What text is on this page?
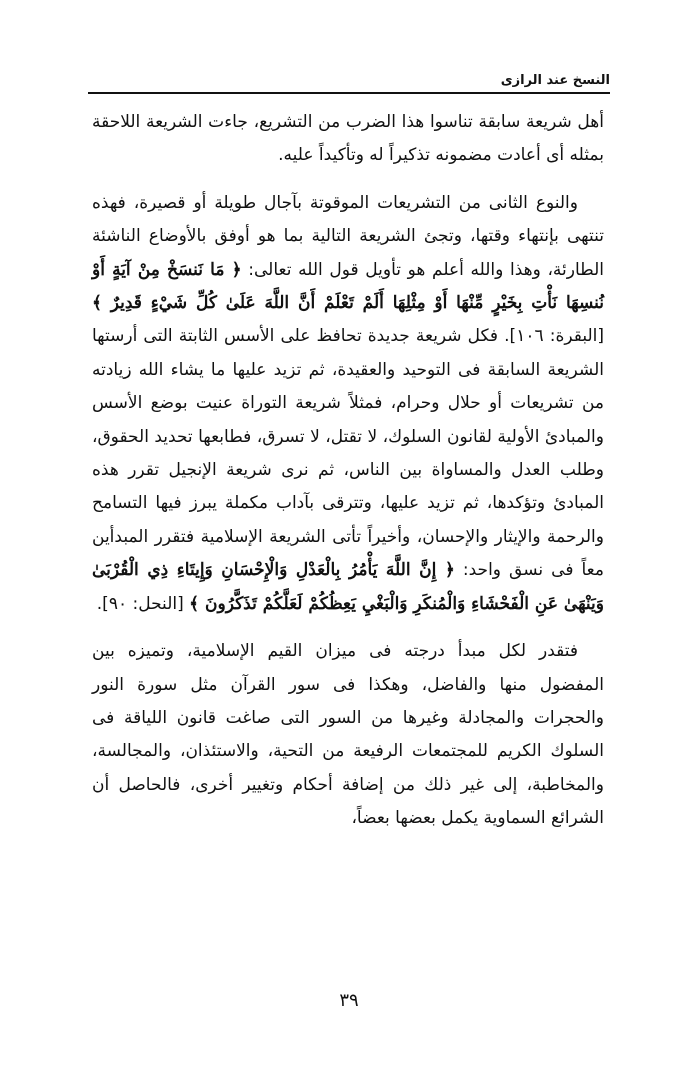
النسخ عند الرازى

أهل شريعة سابقة تناسوا هذا الضرب من التشريع، جاءت الشريعة اللاحقة بمثله أى أعادت مضمونه تذكيراً له وتأكيداً عليه.

والنوع الثانى من التشريعات الموقوتة بآجال طويلة أو قصيرة، فهذه تنتهى بإنتهاء وقتها، وتجئ الشريعة التالية بما هو أوفق بالأوضاع الناشئة الطارئة، وهذا والله أعلم هو تأويل قول الله تعالى: ﴿ مَا نَنسَخْ مِنْ آيَةٍ أَوْ نُنسِهَا نَأْتِ بِخَيْرٍ مِّنْهَا أَوْ مِثْلِهَا أَلَمْ تَعْلَمْ أَنَّ اللَّهَ عَلَىٰ كُلِّ شَيْءٍ قَدِيرٌ ﴾ [البقرة: ١٠٦]. فكل شريعة جديدة تحافظ على الأسس الثابتة التى أرستها الشريعة السابقة فى التوحيد والعقيدة، ثم تزيد عليها ما يشاء الله زيادته من تشريعات أو حلال وحرام، فمثلاً شريعة التوراة عنيت بوضع الأسس والمبادئ الأولية لقانون السلوك، لا تقتل، لا تسرق، فطابعها تحديد الحقوق، وطلب العدل والمساواة بين الناس، ثم نرى شريعة الإنجيل تقرر هذه المبادئ وتؤكدها، ثم تزيد عليها، وتترقى بآداب مكملة يبرز فيها التسامح والرحمة والإيثار والإحسان، وأخيراً تأتى الشريعة الإسلامية فتقرر المبدأين معاً فى نسق واحد: ﴿ إِنَّ اللَّهَ يَأْمُرُ بِالْعَدْلِ وَالْإِحْسَانِ وَإِيتَاءِ ذِي الْقُرْبَىٰ وَيَنْهَىٰ عَنِ الْفَحْشَاءِ وَالْمُنكَرِ وَالْبَغْيِ يَعِظُكُمْ لَعَلَّكُمْ تَذَكَّرُونَ ﴾ [النحل: ٩٠].

فتقدر لكل مبدأ درجته فى ميزان القيم الإسلامية، وتميزه بين المفضول منها والفاضل، وهكذا فى سور القرآن مثل سورة النور والحجرات والمجادلة وغيرها من السور التى صاغت قانون اللياقة فى السلوك الكريم للمجتمعات الرفيعة من التحية، والاستئذان، والمجالسة، والمخاطبة، إلى غير ذلك من إضافة أحكام وتغيير أخرى، فالحاصل أن الشرائع السماوية يكمل بعضها بعضاً،

٣٩
